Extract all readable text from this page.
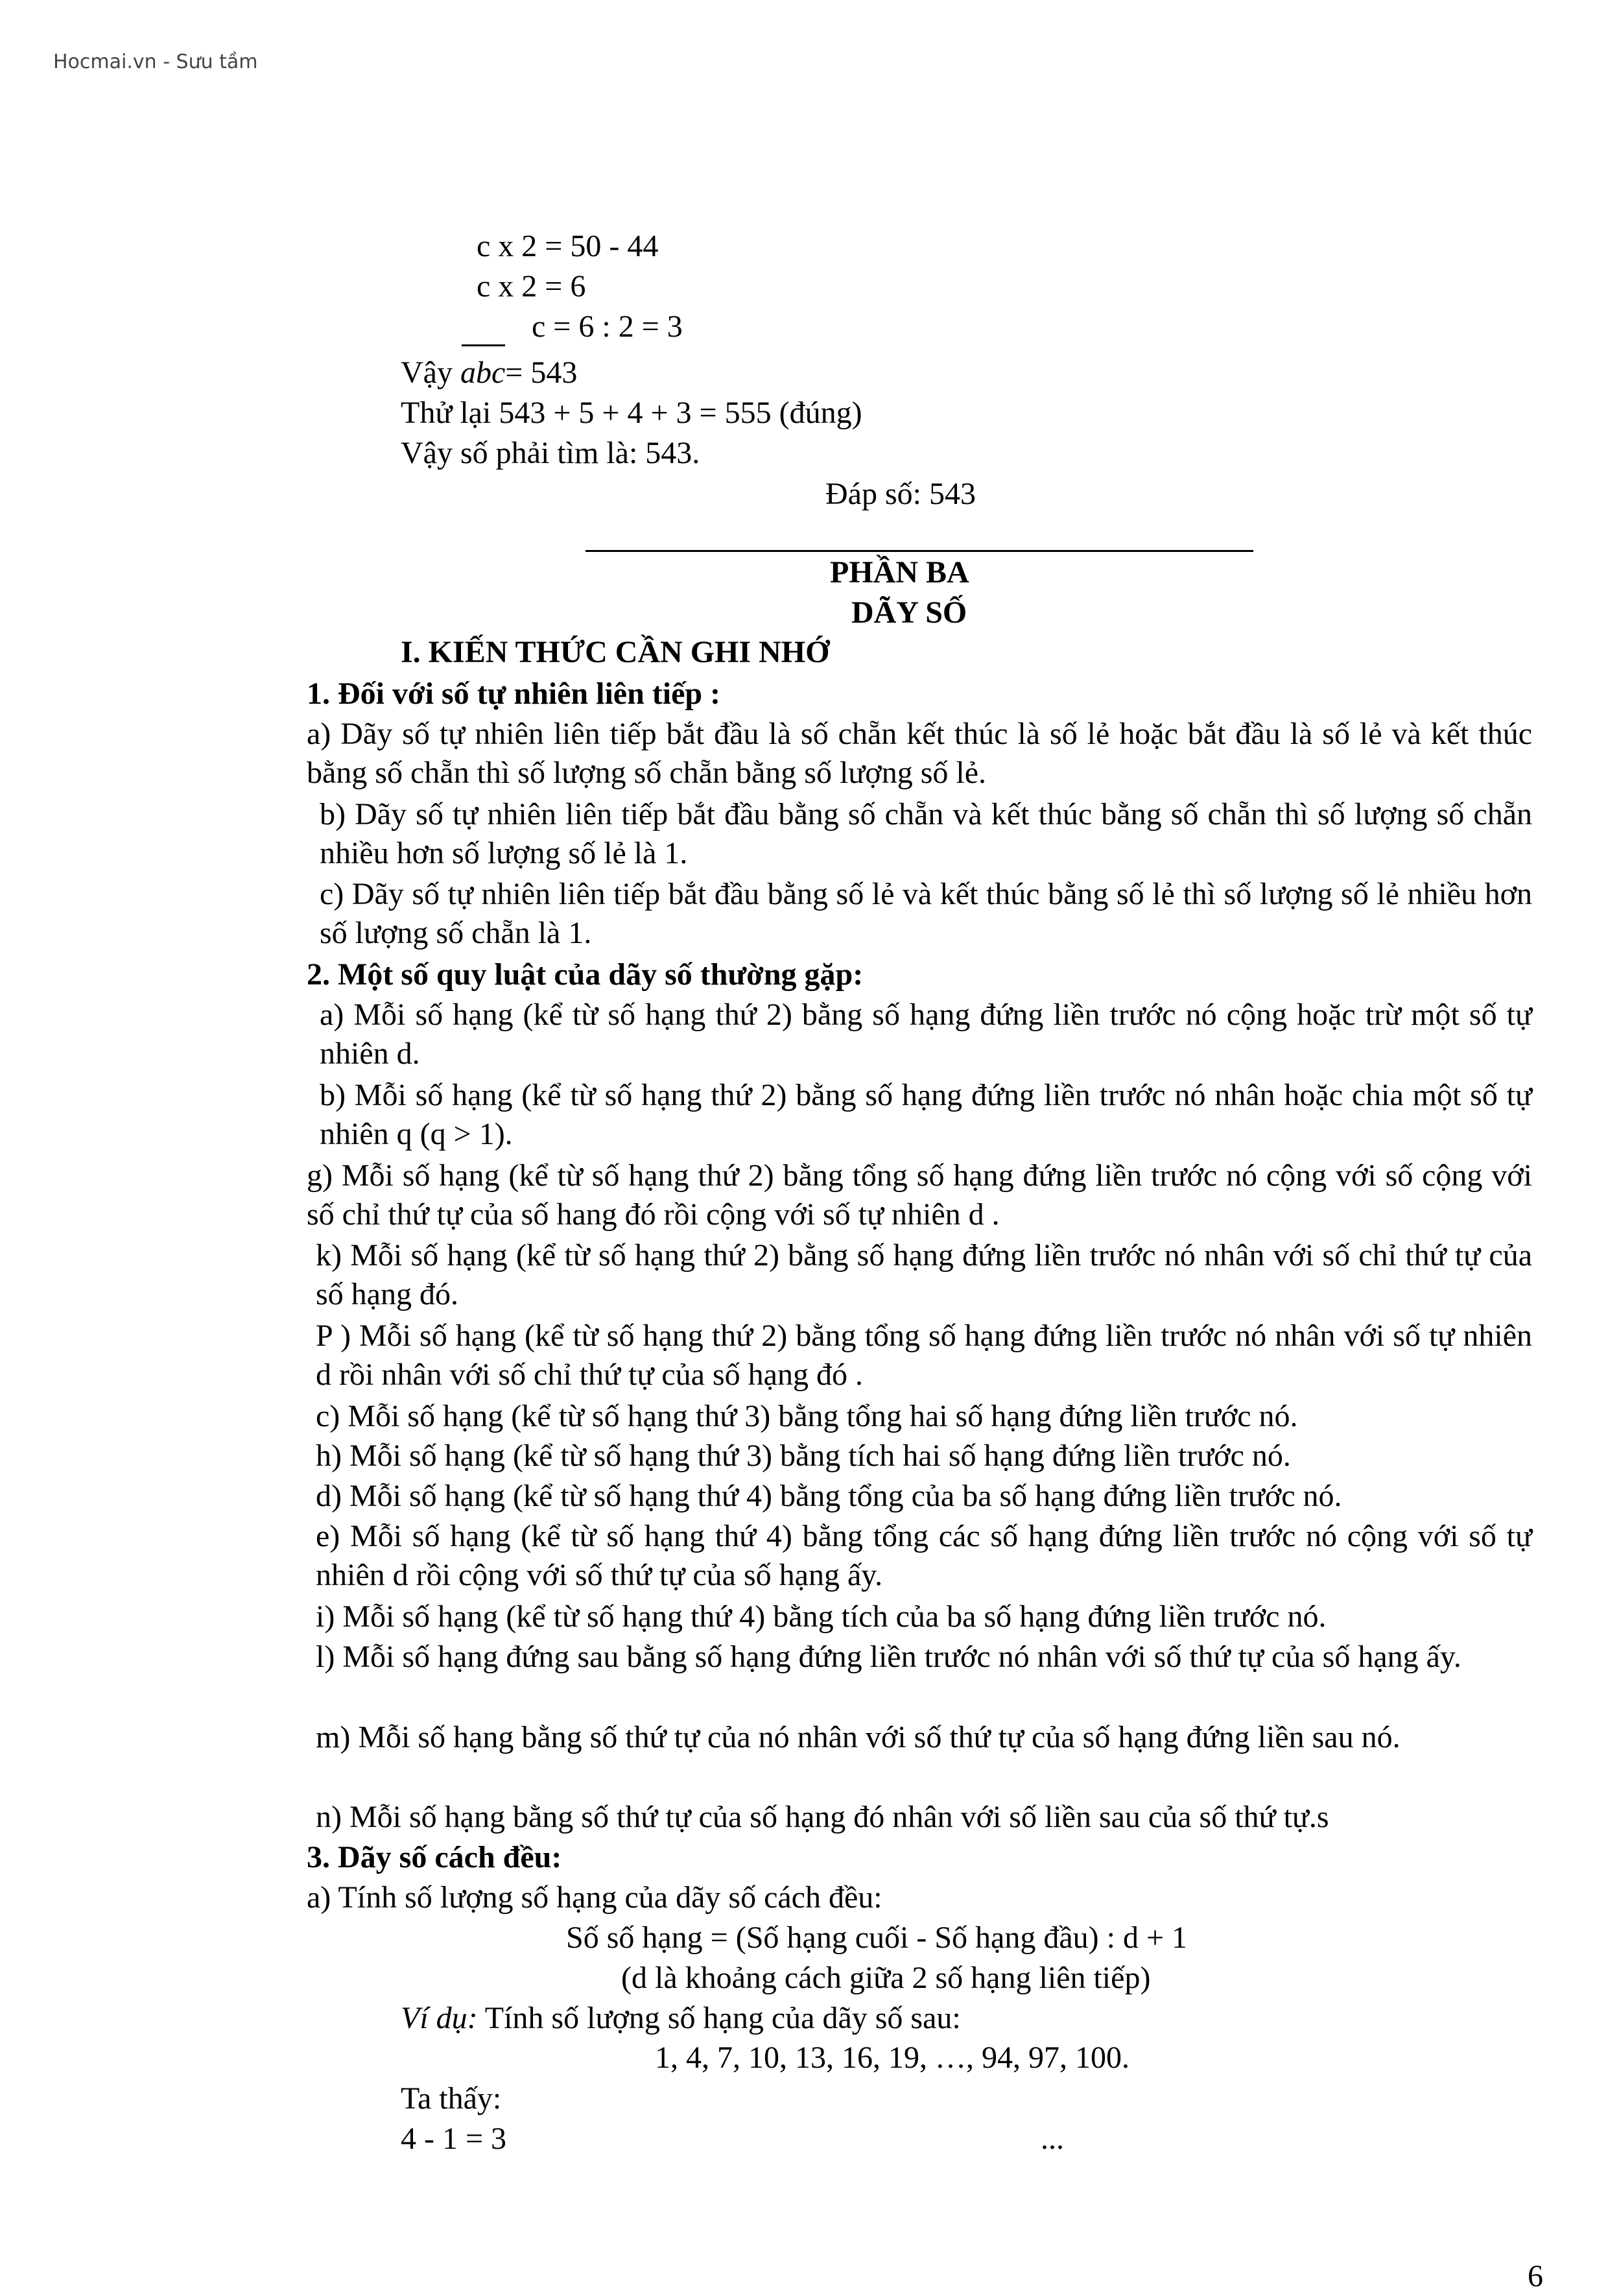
Hocmai.vn - Sưu tầm
c x 2 = 50 - 44
c x 2 = 6
c = 6 : 2 = 3
Vậy abc= 543
Thử lại 543 + 5 + 4 + 3 = 555 (đúng)
Vậy số phải tìm là: 543.
Đáp số: 543
PHẦN BA
DÃY SỐ
I. KIẾN THỨC CẦN GHI NHỚ
1. Đối với số tự nhiên liên tiếp :
a) Dãy số tự nhiên liên tiếp bắt đầu là số chẵn kết thúc là số lẻ hoặc bắt đầu là số lẻ và kết thúc bằng số chẵn thì số lượng số chẵn bằng số lượng số lẻ.
b) Dãy số tự nhiên liên tiếp bắt đầu bằng số chẵn và kết thúc bằng số chẵn thì số lượng số chẵn nhiều hơn số lượng số lẻ là 1.
c) Dãy số tự nhiên liên tiếp bắt đầu bằng số lẻ và kết thúc bằng số lẻ thì số lượng số lẻ nhiều hơn số lượng số chẵn là 1.
2. Một số quy luật của dãy số thường gặp:
a) Mỗi số hạng (kể từ số hạng thứ 2) bằng số hạng đứng liền trước nó cộng hoặc trừ một số tự nhiên d.
b) Mỗi số hạng (kể từ số hạng thứ 2) bằng số hạng đứng liền trước nó nhân hoặc chia một số tự nhiên q (q > 1).
g) Mỗi số hạng (kể từ số hạng thứ 2) bằng tổng số hạng đứng liền trước nó cộng với số cộng với số chỉ thứ tự của số hang đó rồi cộng với số tự nhiên d .
k) Mỗi số hạng (kể từ số hạng thứ 2) bằng số hạng đứng liền trước nó nhân với số chỉ thứ tự của số hạng đó.
P ) Mỗi số hạng (kể từ số hạng thứ 2) bằng tổng số hạng đứng liền trước nó nhân với số tự nhiên d rồi nhân với số chỉ thứ tự của số hạng đó .
c) Mỗi số hạng (kể từ số hạng thứ 3) bằng tổng hai số hạng đứng liền trước nó.
h) Mỗi số hạng (kể từ số hạng thứ 3) bằng tích hai số hạng đứng liền trước nó.
d) Mỗi số hạng (kể từ số hạng thứ 4) bằng tổng của ba số hạng đứng liền trước nó.
e) Mỗi số hạng (kể từ số hạng thứ 4) bằng tổng các số hạng đứng liền trước nó cộng với số tự nhiên d rồi cộng với số thứ tự của số hạng ấy.
i) Mỗi số hạng (kể từ số hạng thứ 4) bằng tích của ba số hạng đứng liền trước nó.
l) Mỗi số hạng đứng sau bằng số hạng đứng liền trước nó nhân với số thứ tự của số hạng ấy.
m) Mỗi số hạng bằng số thứ tự của nó nhân với số thứ tự của số hạng đứng liền sau nó.
n) Mỗi số hạng bằng số thứ tự của số hạng đó nhân với số liền sau của số thứ tự.s
3. Dãy số cách đều:
a) Tính số lượng số hạng của dãy số cách đều:
Số số hạng = (Số hạng cuối - Số hạng đầu) : d + 1
(d là khoảng cách giữa 2 số hạng liên tiếp)
Ví dụ: Tính số lượng số hạng của dãy số sau:
1, 4, 7, 10, 13, 16, 19, …, 94, 97, 100.
Ta thấy:
4 - 1 = 3	...
6
